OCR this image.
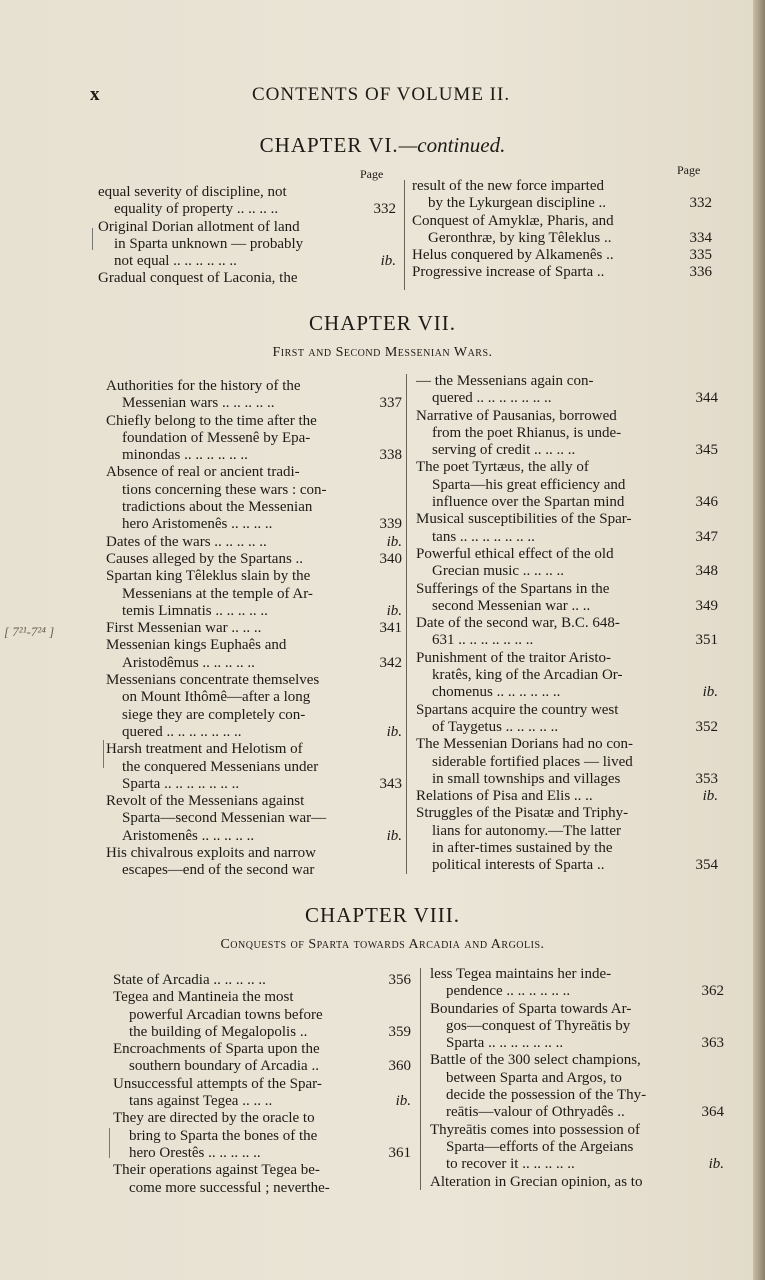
x	CONTENTS OF VOLUME II.
CHAPTER VI.—continued.
Page	Page
equal severity of discipline, not
equality of property .. .. .. ..	332
Original Dorian allotment of land
in Sparta unknown — probably
not equal .. .. .. .. .. ..	ib.
Gradual conquest of Laconia, the
result of the new force imparted
by the Lykurgean discipline ..	332
Conquest of Amyklæ, Pharis, and
Geronthræ, by king Têleklus ..	334
Helus conquered by Alkamenês ..	335
Progressive increase of Sparta ..	336
CHAPTER VII.
First and Second Messenian Wars.
Authorities for the history of the
Messenian wars .. .. .. .. ..	337
Chiefly belong to the time after the
foundation of Messenê by Epa-
minondas .. .. .. .. .. ..	338
Absence of real or ancient tradi-
tions concerning these wars : con-
tradictions about the Messenian
hero Aristomenês .. .. .. ..	339
Dates of the wars .. .. .. .. ..	ib.
Causes alleged by the Spartans ..	340
Spartan king Têleklus slain by the
Messenians at the temple of Ar-
temis Limnatis .. .. .. .. ..	ib.
First Messenian war .. .. ..	341
Messenian kings Euphaês and
Aristodêmus .. .. .. .. ..	342
Messenians concentrate themselves
on Mount Ithômê—after a long
siege they are completely con-
quered .. .. .. .. .. .. ..	ib.
Harsh treatment and Helotism of
the conquered Messenians under
Sparta .. .. .. .. .. .. ..	343
Revolt of the Messenians against
Sparta—second Messenian war—
Aristomenês .. .. .. .. ..	ib.
His chivalrous exploits and narrow
escapes—end of the second war
— the Messenians again con-
quered .. .. .. .. .. .. ..	344
Narrative of Pausanias, borrowed
from the poet Rhianus, is unde-
serving of credit .. .. .. ..	345
The poet Tyrtæus, the ally of
Sparta—his great efficiency and
influence over the Spartan mind	346
Musical susceptibilities of the Spar-
tans .. .. .. .. .. .. ..	347
Powerful ethical effect of the old
Grecian music .. .. .. ..	348
Sufferings of the Spartans in the
second Messenian war .. ..	349
Date of the second war, B.C. 648-
631 .. .. .. .. .. .. ..	351
Punishment of the traitor Aristo-
kratês, king of the Arcadian Or-
chomenus .. .. .. .. .. ..	ib.
Spartans acquire the country west
of Taygetus .. .. .. .. ..	352
The Messenian Dorians had no con-
siderable fortified places — lived
in small townships and villages	353
Relations of Pisa and Elis .. ..	ib.
Struggles of the Pisatæ and Triphy-
lians for autonomy.—The latter
in after-times sustained by the
political interests of Sparta ..	354
CHAPTER VIII.
Conquests of Sparta towards Arcadia and Argolis.
State of Arcadia .. .. .. .. ..	356
Tegea and Mantineia the most
powerful Arcadian towns before
the building of Megalopolis ..	359
Encroachments of Sparta upon the
southern boundary of Arcadia ..	360
Unsuccessful attempts of the Spar-
tans against Tegea .. .. ..	ib.
They are directed by the oracle to
bring to Sparta the bones of the
hero Orestês .. .. .. .. ..	361
Their operations against Tegea be-
come more successful ; neverthe-
less Tegea maintains her inde-
pendence .. .. .. .. .. ..	362
Boundaries of Sparta towards Ar-
gos—conquest of Thyreātis by
Sparta .. .. .. .. .. .. ..	363
Battle of the 300 select champions,
between Sparta and Argos, to
decide the possession of the Thy-
reātis—valour of Othryadês ..	364
Thyreātis comes into possession of
Sparta—efforts of the Argeians
to recover it .. .. .. .. ..	ib.
Alteration in Grecian opinion, as to
[ 7²¹-7²⁴ ]
